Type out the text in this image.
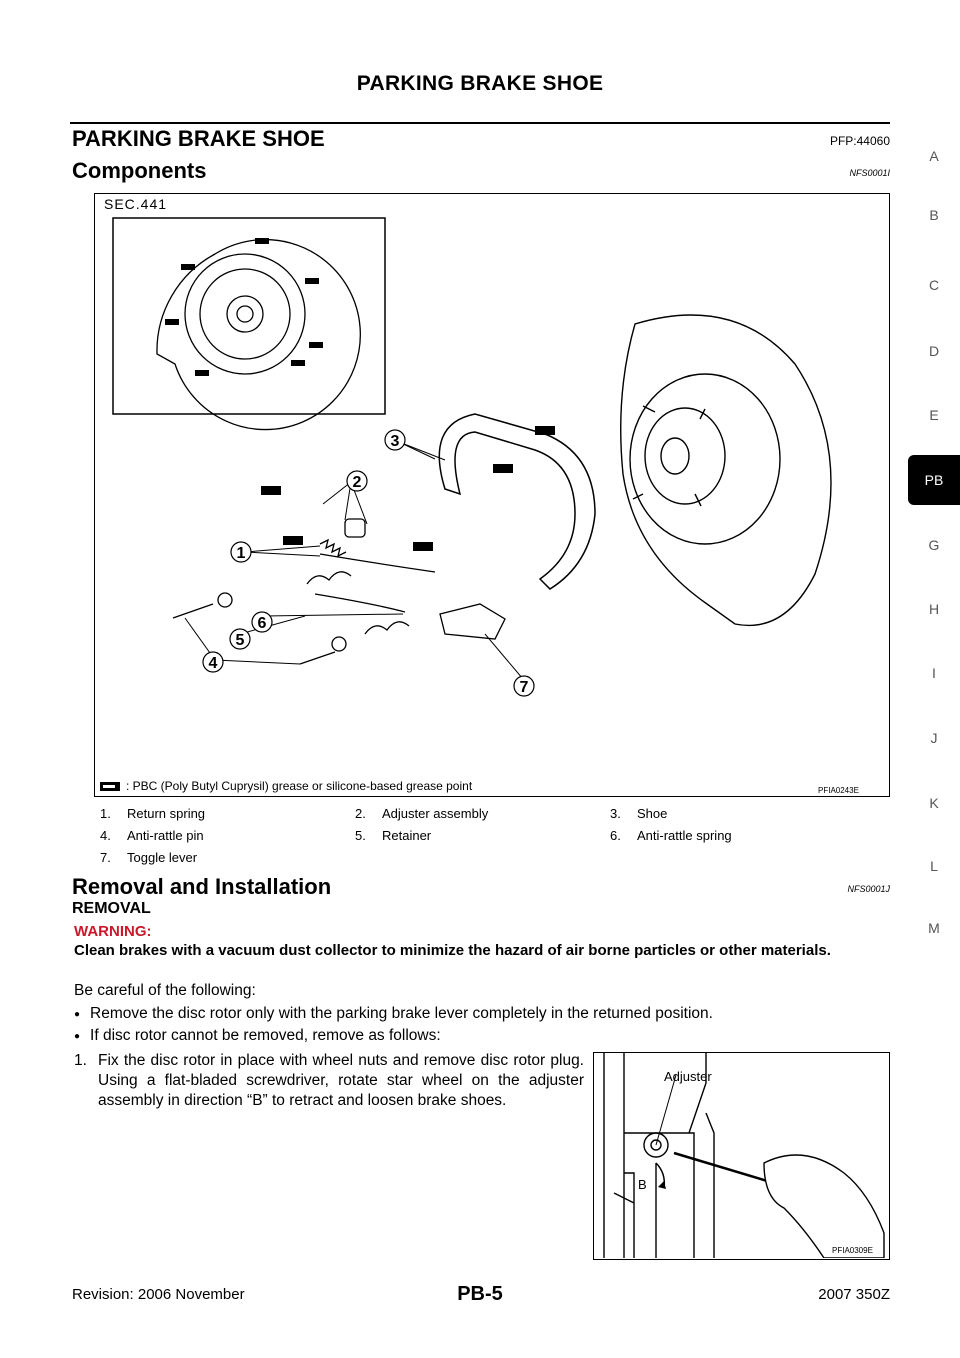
PARKING BRAKE SHOE
PARKING BRAKE SHOE	PFP:44060
Components	NFS0001I
A
B
C
D
E
PB
G
H
I
J
K
L
M
3
2
1
4
5
6
7
SEC.441
: PBC (Poly Butyl Cuprysil) grease or silicone-based grease point	PFIA0243E
1.	Return spring	2.	Adjuster assembly	3.	Shoe
4.	Anti-rattle pin	5.	Retainer	6.	Anti-rattle spring
7.	Toggle lever
Removal and Installation	NFS0001J
REMOVAL
WARNING:
Clean brakes with a vacuum dust collector to minimize the hazard of air borne particles or other materials.
Be careful of the following:
● Remove the disc rotor only with the parking brake lever completely in the returned position.
● If disc rotor cannot be removed, remove as follows:
1. Fix the disc rotor in place with wheel nuts and remove disc rotor plug. Using a flat-bladed screwdriver, rotate star wheel on the adjuster assembly in direction “B” to retract and loosen brake shoes.
Adjuster
B
PFIA0309E
Revision: 2006 November	PB-5	2007 350Z
